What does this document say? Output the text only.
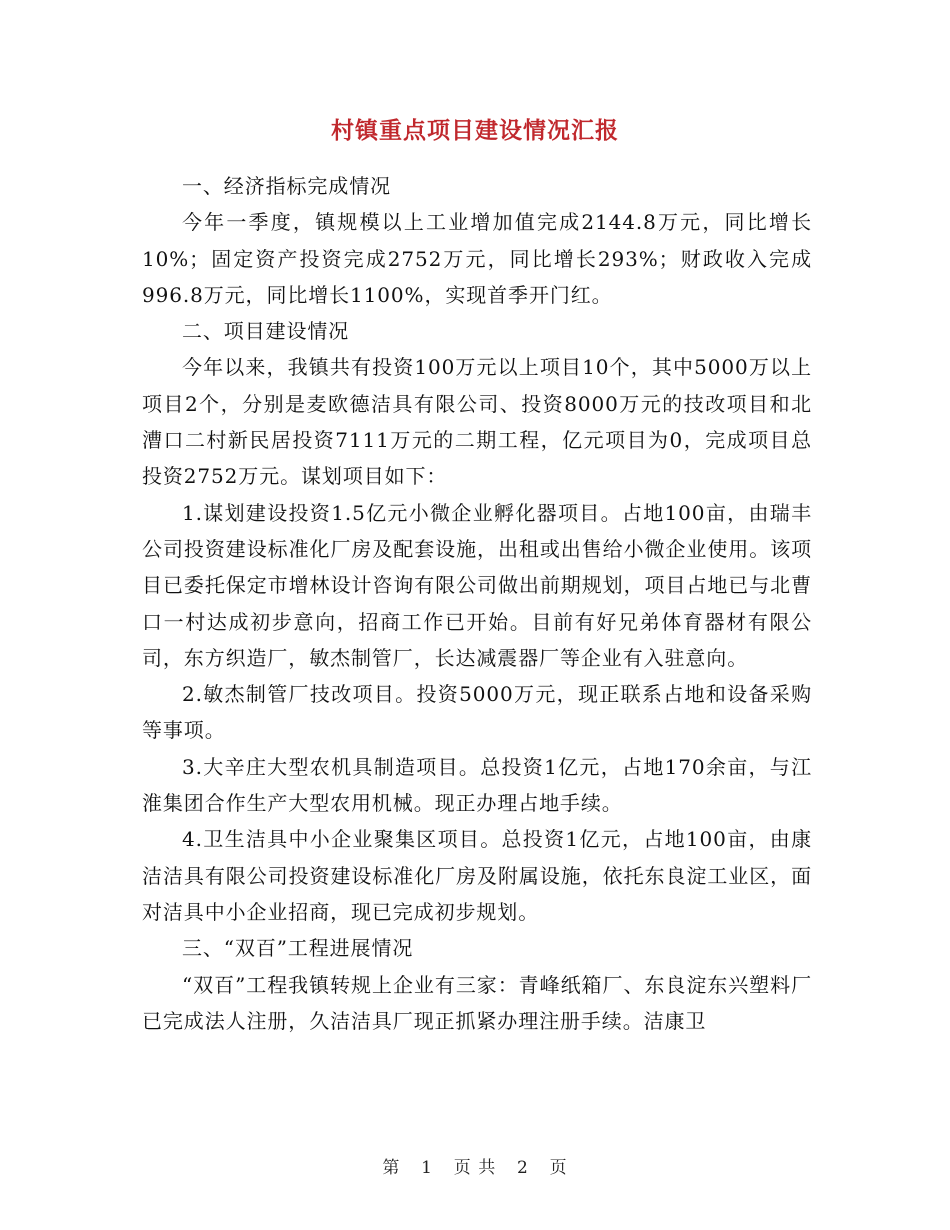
村镇重点项目建设情况汇报

一、经济指标完成情况

今年一季度，镇规模以上工业增加值完成2144.8万元，同比增长10%；固定资产投资完成2752万元，同比增长293%；财政收入完成996.8万元，同比增长1100%，实现首季开门红。

二、项目建设情况

今年以来，我镇共有投资100万元以上项目10个，其中5000万以上项目2个，分别是麦欧德洁具有限公司、投资8000万元的技改项目和北漕口二村新民居投资7111万元的二期工程，亿元项目为0，完成项目总投资2752万元。谋划项目如下：

1.谋划建设投资1.5亿元小微企业孵化器项目。占地100亩，由瑞丰公司投资建设标准化厂房及配套设施，出租或出售给小微企业使用。该项目已委托保定市增林设计咨询有限公司做出前期规划，项目占地已与北曹口一村达成初步意向，招商工作已开始。目前有好兄弟体育器材有限公司，东方织造厂，敏杰制管厂，长达减震器厂等企业有入驻意向。

2.敏杰制管厂技改项目。投资5000万元，现正联系占地和设备采购等事项。

3.大辛庄大型农机具制造项目。总投资1亿元，占地170余亩，与江淮集团合作生产大型农用机械。现正办理占地手续。

4.卫生洁具中小企业聚集区项目。总投资1亿元，占地100亩，由康洁洁具有限公司投资建设标准化厂房及附属设施，依托东良淀工业区，面对洁具中小企业招商，现已完成初步规划。

三、“双百”工程进展情况

“双百”工程我镇转规上企业有三家：青峰纸箱厂、东良淀东兴塑料厂已完成法人注册，久洁洁具厂现正抓紧办理注册手续。洁康卫

第 1 页 共 2 页
